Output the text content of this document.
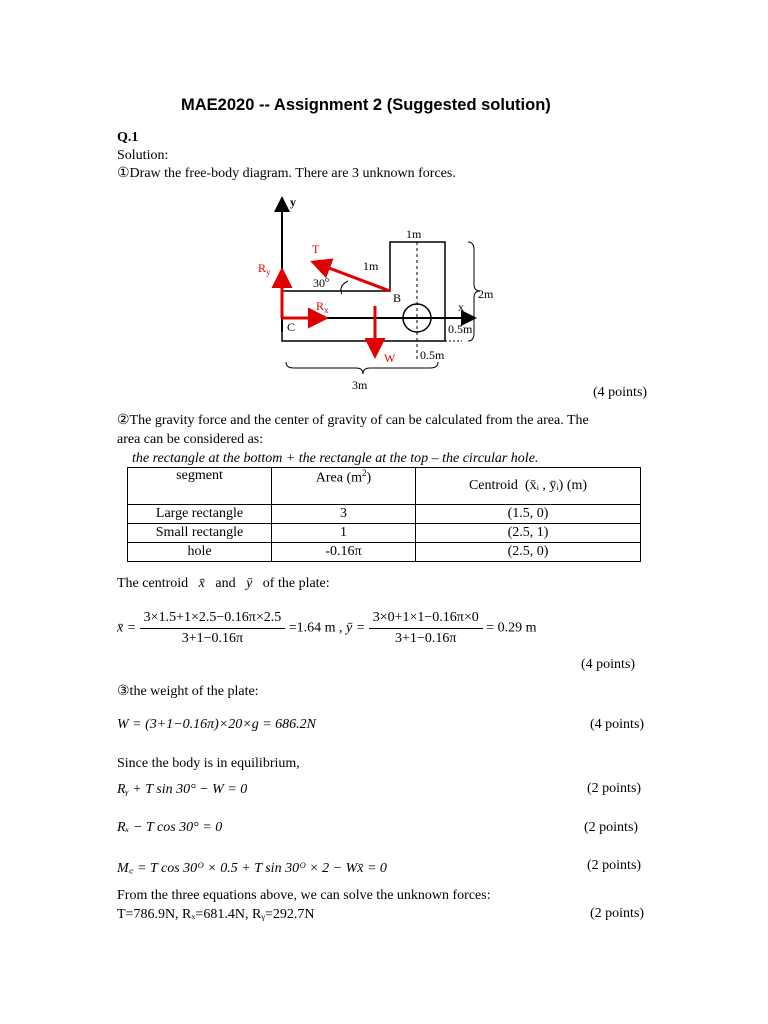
MAE2020 -- Assignment 2 (Suggested solution)
Q.1
Solution:
①Draw the free-body diagram. There are 3 unknown forces.
y
x
2m
3m
1m
1m
B
C	0.5m
0.5m
30$^o$
T
$R_y$
$R_x$
W
(4 points)
②The gravity force and the center of gravity of can be calculated from the area. The
area can be considered as:
the rectangle at the bottom + the rectangle at the top – the circular hole.
segment	Area $(m^2)$	Centroid (x̄ᵢ , ȳᵢ) (m)
Large rectangle	3	(1.5, 0)
Small rectangle	1	(2.5, 1)
hole	-0.16π	(2.5, 0)
The centroid x̄ and ȳ of the plate:
x̄ = $\frac{3\times 1.5+1\times 2.5-0.16\pi\times 2.5}{3+1-0.16\pi} =1.64$ m , ȳ = $\frac{3\times 0+1\times 1-0.16\pi\times 0}{3+1-0.16\pi} = 0.29$ m
(4 points)
③the weight of the plate:
W = (3+1−0.16π)×20×g = 686.2N	(4 points)
Since the body is in equilibrium,
Rᵧ + T sin 30° − W = 0	(2 points)
Rₓ − T cos 30° = 0	(2 points)
M꜀ = T cos 30ᴼ × 0.5 + T sin 30ᴼ × 2 − Wx̄ = 0	(2 points)
From the three equations above, we can solve the unknown forces:
T=786.9N, Rₓ=681.4N, Rᵧ=292.7N	(2 points)
